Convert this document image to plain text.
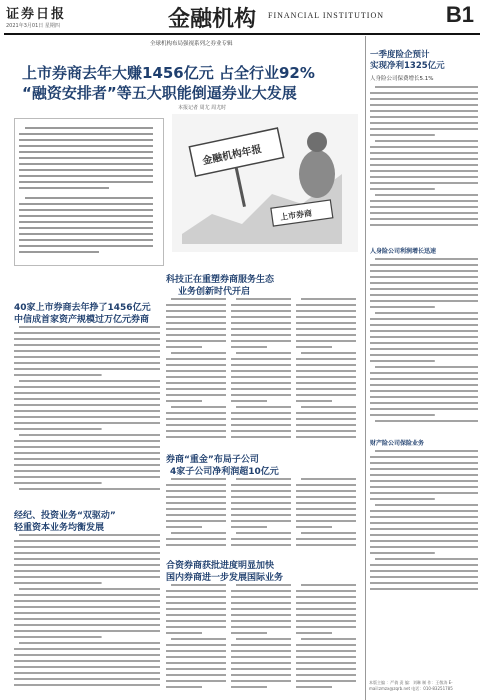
证券日报
2021年3月01日 星期四	金融机构 FINANCIAL INSTITUTION	B1
全球机构布局强视系列之券业专辑
上市券商去年大赚1456亿元 占全行业92%
“融资安排者”等五大职能倒逼券业大发展
本报记者 周尤 周尤时
金融机构年报
上市券商
40家上市券商去年挣了1456亿元
中信成首家资产规模过万亿元券商
科技正在重塑券商服务生态
业务创新时代开启
经纪、投资业务“双驱动”
轻重资本业务均衡发展
券商“重金”布局子公司
4家子公司净利润超10亿元
合资券商获批进度明显加快
国内券商进一步发展国际业务
一季度险企预计
实现净利1325亿元
人身险公司保费增长5.1%
人身险公司利润增长迅速
财产险公司保险业务
本版主编 ：严倩 责 编：刘琳 制 作：王敬涛 E-mail:zmzx@zqrb.net 电话：010-83251785
